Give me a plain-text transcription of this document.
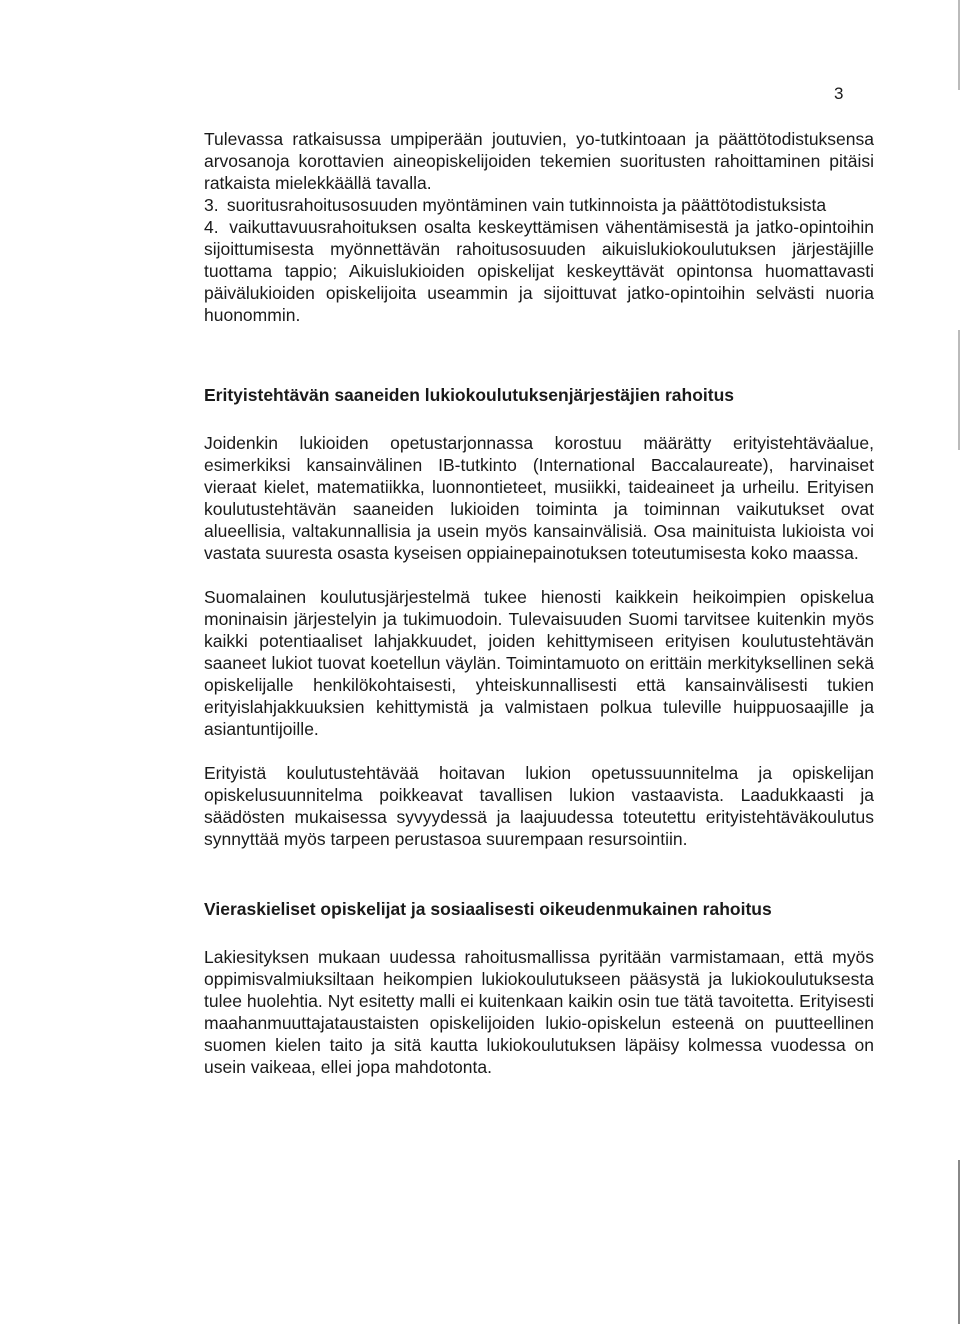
3

Tulevassa ratkaisussa umpiperään joutuvien, yo-tutkintoaan ja päättötodistuksensa arvosanoja korottavien aineopiskelijoiden tekemien suoritusten rahoittaminen pitäisi ratkaista mielekkäällä tavalla.

3. suoritusrahoitusosuuden myöntäminen vain tutkinnoista ja päättötodistuksista

4. vaikuttavuusrahoituksen osalta keskeyttämisen vähentämisestä ja jatko-opintoihin sijoittumisesta myönnettävän rahoitusosuuden aikuislukiokoulutuksen järjestäjille tuottama tappio; Aikuislukioiden opiskelijat keskeyttävät opintonsa huomattavasti päivälukioiden opiskelijoita useammin ja sijoittuvat jatko-opintoihin selvästi nuoria huonommin.

Erityistehtävän saaneiden lukiokoulutuksenjärjestäjien rahoitus

Joidenkin lukioiden opetustarjonnassa korostuu määrätty erityistehtäväalue, esimerkiksi kansainvälinen IB-tutkinto (International Baccalaureate), harvinaiset vieraat kielet, matematiikka, luonnontieteet, musiikki, taideaineet ja urheilu. Erityisen koulutustehtävän saaneiden lukioiden toiminta ja toiminnan vaikutukset ovat alueellisia, valtakunnallisia ja usein myös kansainvälisiä. Osa mainituista lukioista voi vastata suuresta osasta kyseisen oppiainepainotuksen toteutumisesta koko maassa.

Suomalainen koulutusjärjestelmä tukee hienosti kaikkein heikoimpien opiskelua moninaisin järjestelyin ja tukimuodoin. Tulevaisuuden Suomi tarvitsee kuitenkin myös kaikki potentiaaliset lahjakkuudet, joiden kehittymiseen erityisen koulutustehtävän saaneet lukiot tuovat koetellun väylän. Toimintamuoto on erittäin merkityksellinen sekä opiskelijalle henkilökohtaisesti, yhteiskunnallisesti että kansainvälisesti tukien erityislahjakkuuksien kehittymistä ja valmistaen polkua tuleville huippuosaajille ja asiantuntijoille.

Erityistä koulutustehtävää hoitavan lukion opetussuunnitelma ja opiskelijan opiskelusuunnitelma poikkeavat tavallisen lukion vastaavista. Laadukkaasti ja säädösten mukaisessa syvyydessä ja laajuudessa toteutettu erityistehtäväkoulutus synnyttää myös tarpeen perustasoa suurempaan resursointiin.

Vieraskieliset opiskelijat ja sosiaalisesti oikeudenmukainen rahoitus

Lakiesityksen mukaan uudessa rahoitusmallissa pyritään varmistamaan, että myös oppimisvalmiuksiltaan heikompien lukiokoulutukseen pääsystä ja lukiokoulutuksesta tulee huolehtia. Nyt esitetty malli ei kuitenkaan kaikin osin tue tätä tavoitetta. Erityisesti maahanmuuttajataustaisten opiskelijoiden lukio-opiskelun esteenä on puutteellinen suomen kielen taito ja sitä kautta lukiokoulutuksen läpäisy kolmessa vuodessa on usein vaikeaa, ellei jopa mahdotonta.
